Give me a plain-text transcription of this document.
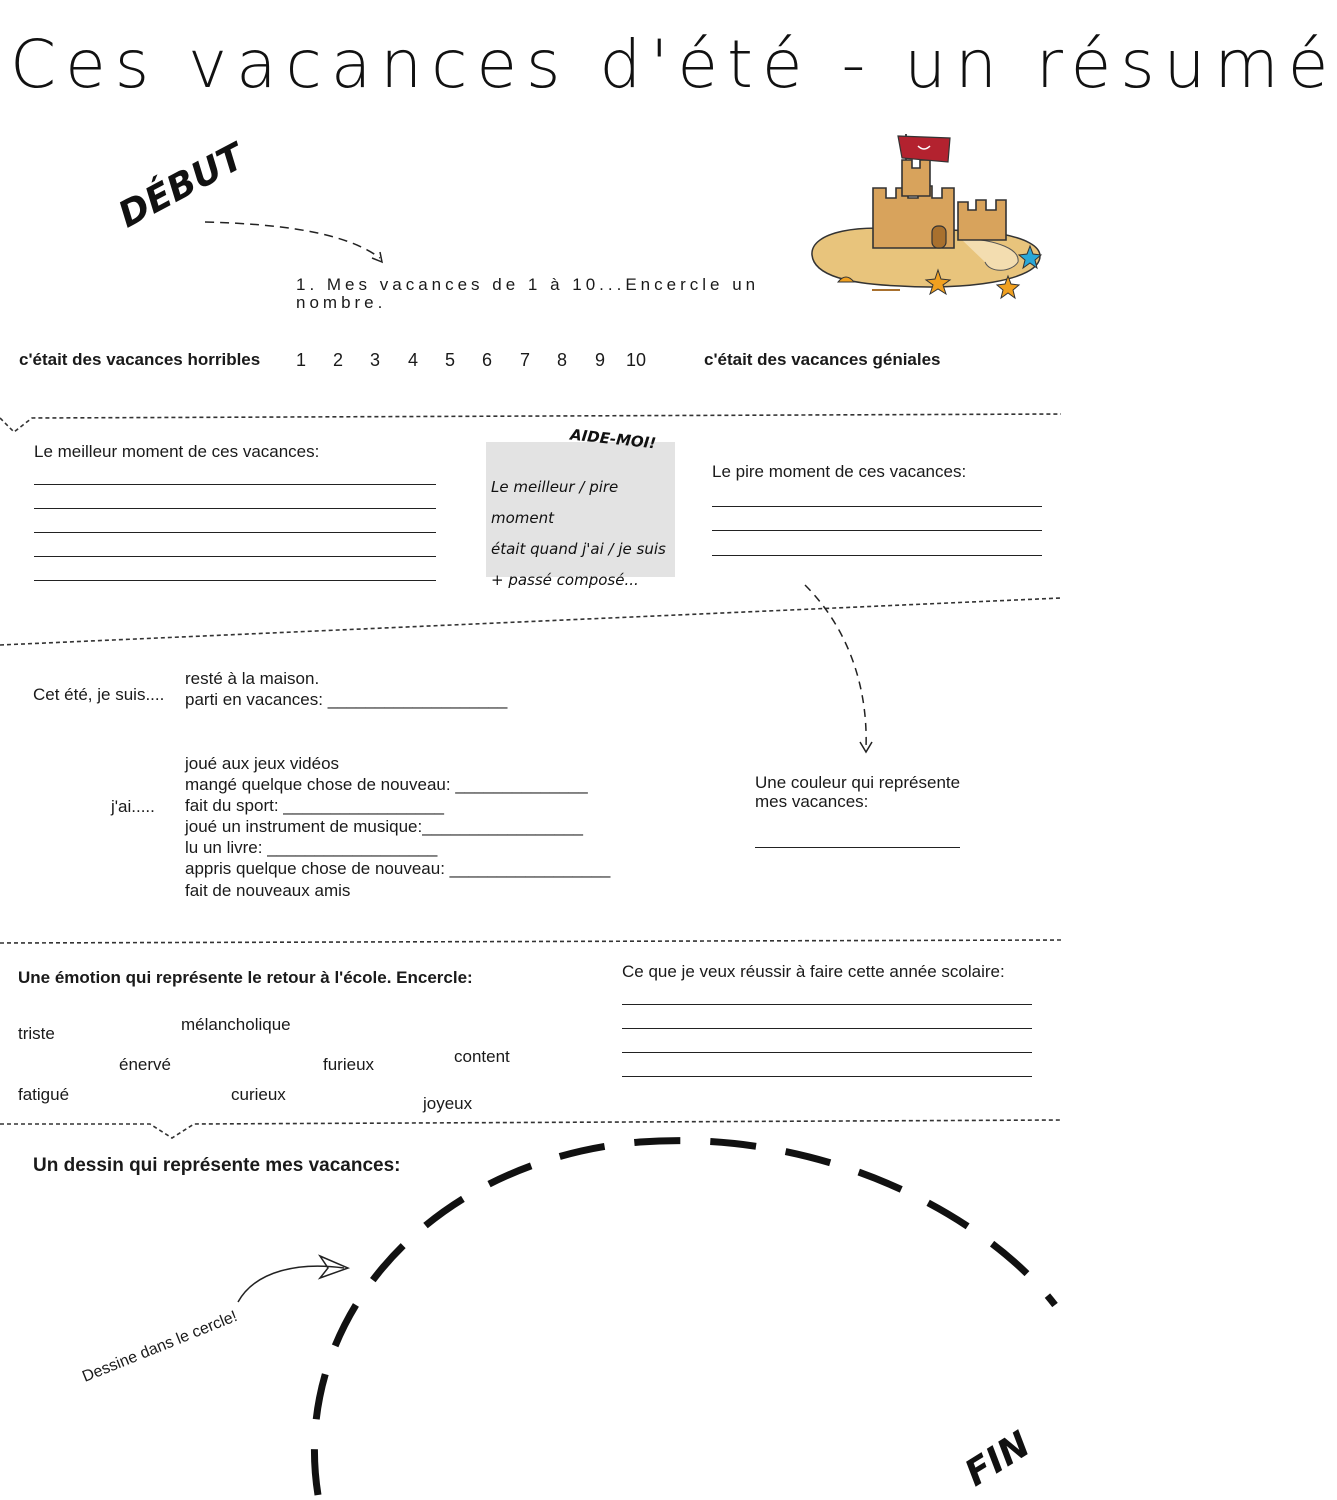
Ces vacances d'été - un résumé
DÉBUT
1. Mes vacances de 1 à 10...Encercle un nombre.
c'était des vacances horribles 1 2 3 4 5 6 7 8 9 10	c'était des vacances géniales
Le meilleur moment de ces vacances:	AIDE-MOI!
Le meilleur / pire moment
était quand j'ai / je suis
+ passé composé...
Le pire moment de ces vacances:
Cet été, je suis....
resté à la maison.
parti en vacances: ___________________
j'ai.....
joué aux jeux vidéos
mangé quelque chose de nouveau: ______________
fait du sport: _________________
joué un instrument de musique:_________________
lu un livre: __________________
appris quelque chose de nouveau: _________________
fait de nouveaux amis
Une couleur qui représente
mes vacances:
Une émotion qui représente le retour à l'école. Encercle:
triste	mélancholique
énervé	furieux	content
fatigué	curieux	joyeux
Ce que je veux réussir à faire cette année scolaire:
Un dessin qui représente mes vacances:
Dessine dans le cercle!
FIN
